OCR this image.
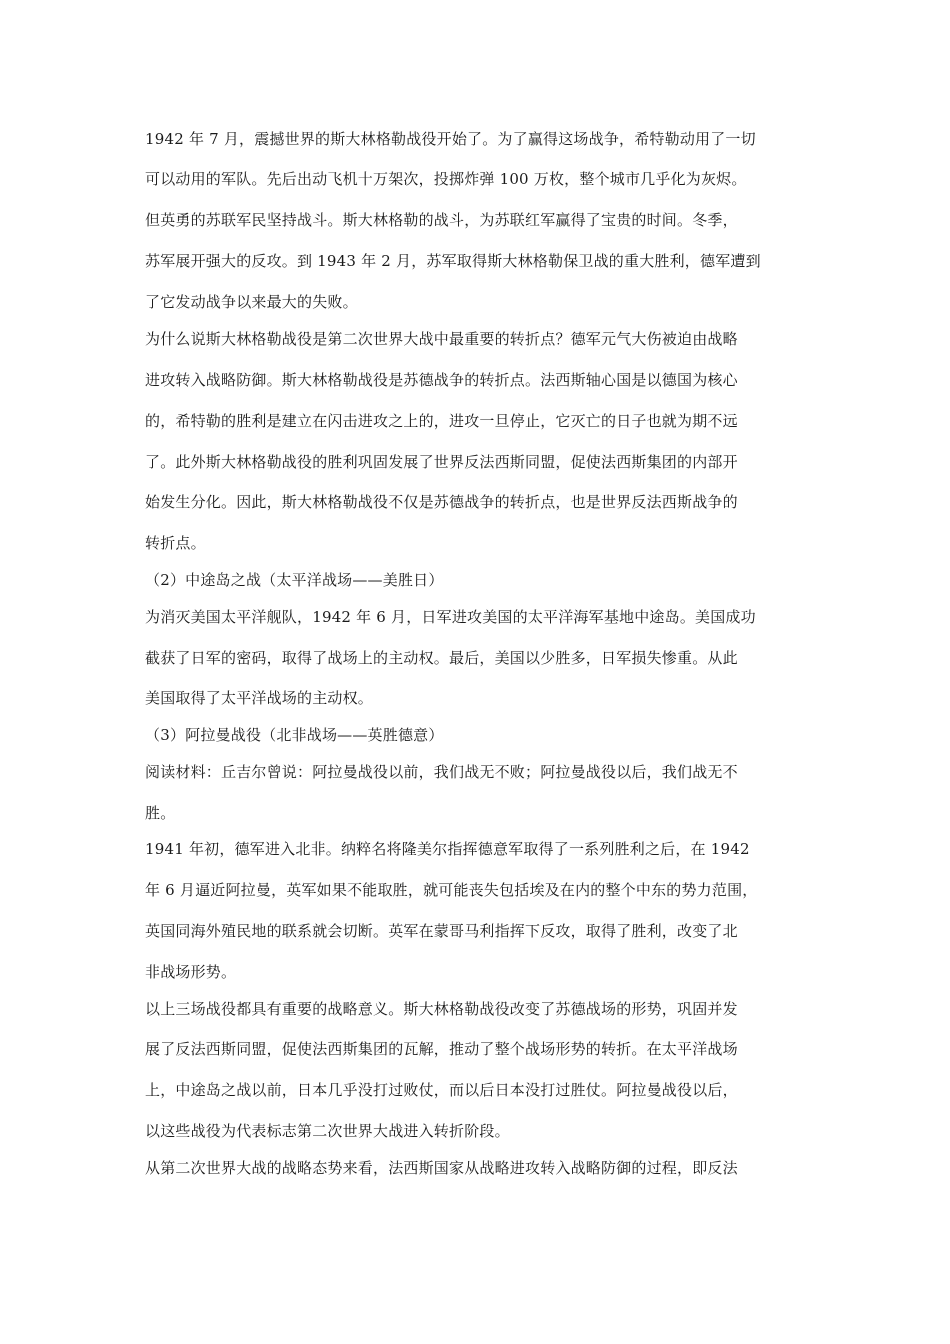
1942 年 7 月，震撼世界的斯大林格勒战役开始了。为了赢得这场战争，希特勒动用了一切

可以动用的军队。先后出动飞机十万架次，投掷炸弹 100 万枚，整个城市几乎化为灰烬。

但英勇的苏联军民坚持战斗。斯大林格勒的战斗，为苏联红军赢得了宝贵的时间。冬季，

苏军展开强大的反攻。到 1943 年 2 月，苏军取得斯大林格勒保卫战的重大胜利，德军遭到

了它发动战争以来最大的失败。

为什么说斯大林格勒战役是第二次世界大战中最重要的转折点？德军元气大伤被迫由战略

进攻转入战略防御。斯大林格勒战役是苏德战争的转折点。法西斯轴心国是以德国为核心

的，希特勒的胜利是建立在闪击进攻之上的，进攻一旦停止，它灭亡的日子也就为期不远

了。此外斯大林格勒战役的胜利巩固发展了世界反法西斯同盟，促使法西斯集团的内部开

始发生分化。因此，斯大林格勒战役不仅是苏德战争的转折点，也是世界反法西斯战争的

转折点。

（2）中途岛之战（太平洋战场——美胜日）

为消灭美国太平洋舰队，1942 年 6 月，日军进攻美国的太平洋海军基地中途岛。美国成功

截获了日军的密码，取得了战场上的主动权。最后，美国以少胜多，日军损失惨重。从此

美国取得了太平洋战场的主动权。

（3）阿拉曼战役（北非战场——英胜德意）

阅读材料：丘吉尔曾说：阿拉曼战役以前，我们战无不败；阿拉曼战役以后，我们战无不

胜。

1941 年初，德军进入北非。纳粹名将隆美尔指挥德意军取得了一系列胜利之后，在 1942

年 6 月逼近阿拉曼，英军如果不能取胜，就可能丧失包括埃及在内的整个中东的势力范围，

英国同海外殖民地的联系就会切断。英军在蒙哥马利指挥下反攻，取得了胜利，改变了北

非战场形势。

以上三场战役都具有重要的战略意义。斯大林格勒战役改变了苏德战场的形势，巩固并发

展了反法西斯同盟，促使法西斯集团的瓦解，推动了整个战场形势的转折。在太平洋战场

上，中途岛之战以前，日本几乎没打过败仗，而以后日本没打过胜仗。阿拉曼战役以后，

以这些战役为代表标志第二次世界大战进入转折阶段。

从第二次世界大战的战略态势来看，法西斯国家从战略进攻转入战略防御的过程，即反法
